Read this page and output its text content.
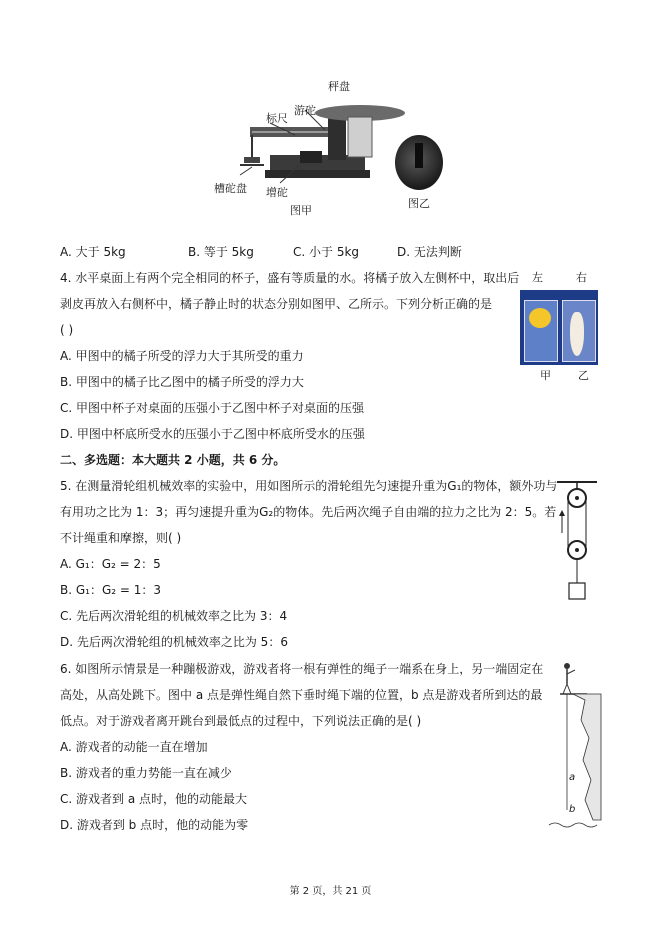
秤盘
标尺
游砣
槽砣盘 增砣
图甲
图乙
A. 大于 5kg	B. 等于 5kg	C. 小于 5kg	D. 无法判断
4. 水平桌面上有两个完全相同的杯子，盛有等质量的水。将橘子放入左侧杯中，取出后
剥皮再放入右侧杯中，橘子静止时的状态分别如图甲、乙所示。下列分析正确的是
( )
A. 甲图中的橘子所受的浮力大于其所受的重力
B. 甲图中的橘子比乙图中的橘子所受的浮力大
C. 甲图中杯子对桌面的压强小于乙图中杯子对桌面的压强
D. 甲图中杯底所受水的压强小于乙图中杯底所受水的压强
左	右
甲 乙
二、多选题：本大题共 2 小题，共 6 分。
5. 在测量滑轮组机械效率的实验中，用如图所示的滑轮组先匀速提升重为G₁的物体，额外功与
有用功之比为 1：3；再匀速提升重为G₂的物体。先后两次绳子自由端的拉力之比为 2：5。若
不计绳重和摩擦，则( )
A. G₁：G₂ = 2：5
B. G₁：G₂ = 1：3
C. 先后两次滑轮组的机械效率之比为 3：4
D. 先后两次滑轮组的机械效率之比为 5：6
6. 如图所示情景是一种蹦极游戏，游戏者将一根有弹性的绳子一端系在身上，另一端固定在
高处，从高处跳下。图中 a 点是弹性绳自然下垂时绳下端的位置，b 点是游戏者所到达的最
低点。对于游戏者离开跳台到最低点的过程中，下列说法正确的是( )
A. 游戏者的动能一直在增加
B. 游戏者的重力势能一直在减少
C. 游戏者到 a 点时，他的动能最大
D. 游戏者到 b 点时，他的动能为零
a
b
第 2 页，共 21 页
